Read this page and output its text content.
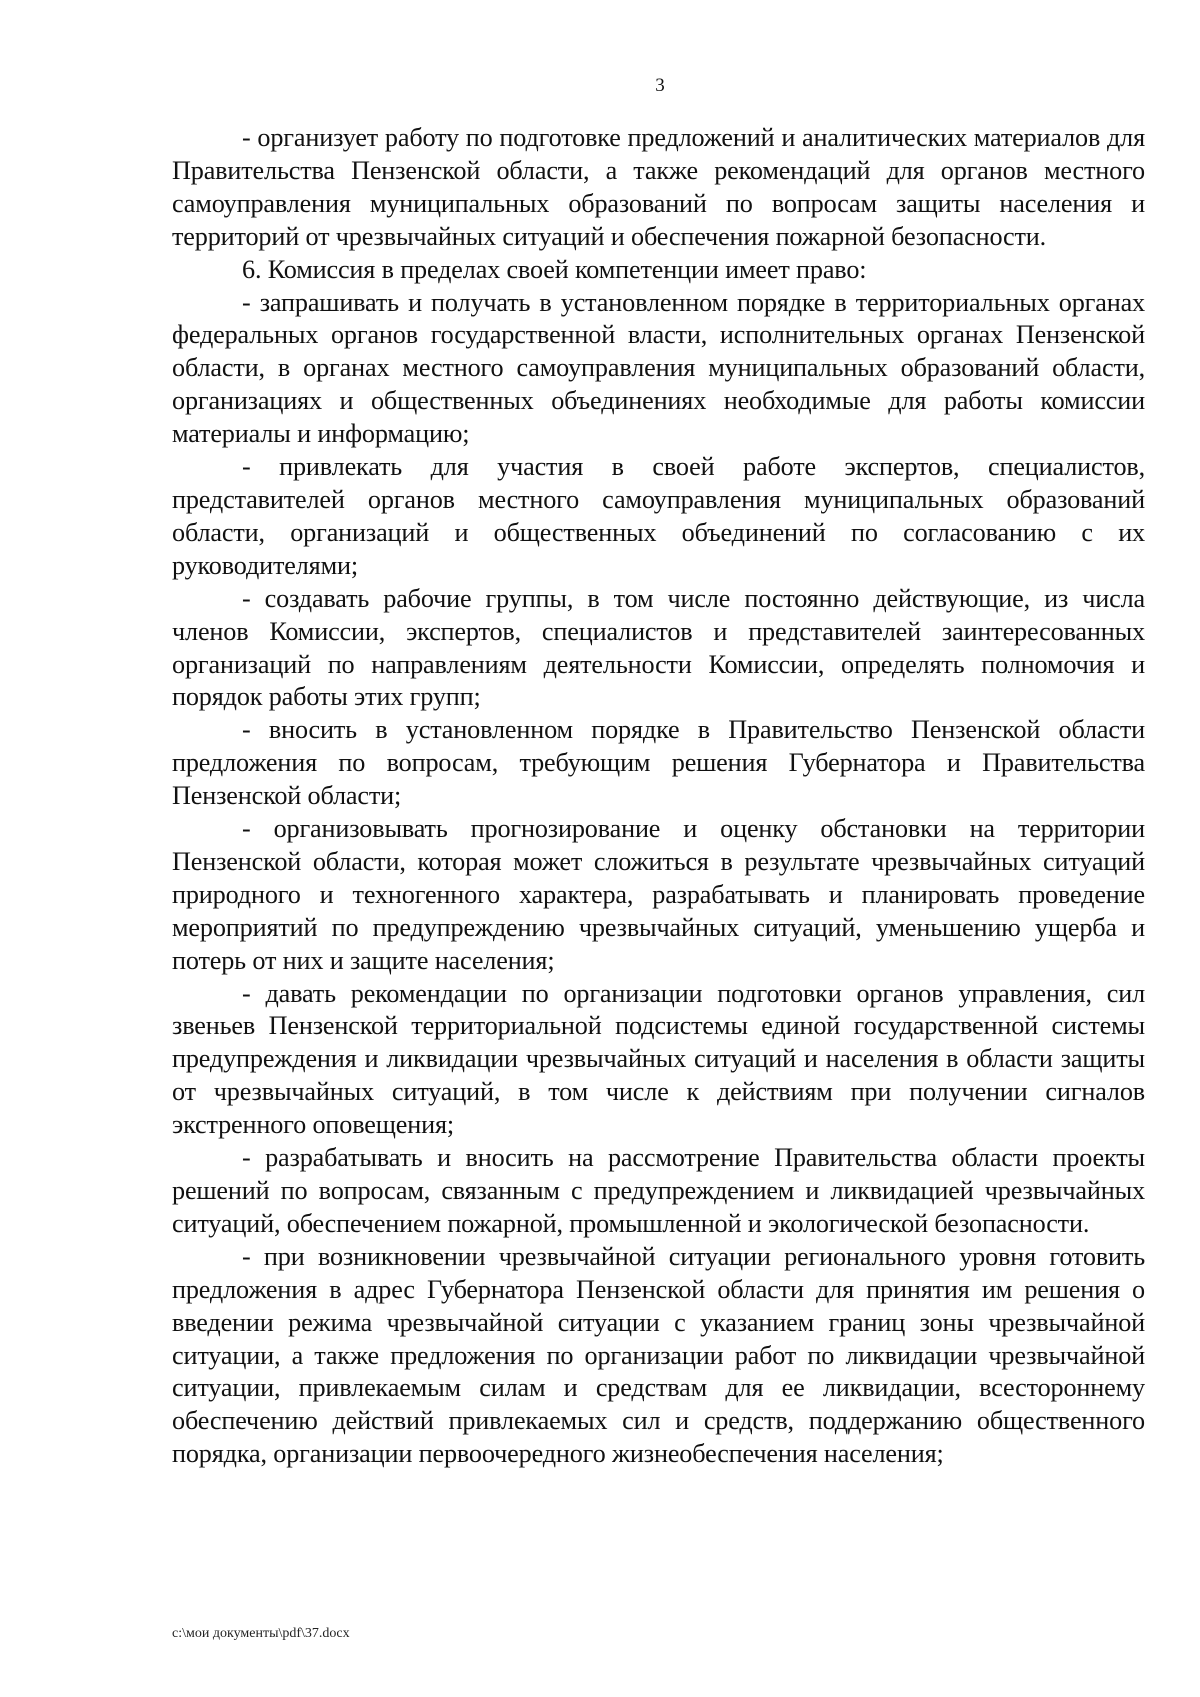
3

- организует работу по подготовке предложений и аналитических материалов для Правительства Пензенской области, а также рекомендаций для органов местного самоуправления муниципальных образований по вопросам защиты населения и территорий от чрезвычайных ситуаций и обеспечения пожарной безопасности.

6. Комиссия в пределах своей компетенции имеет право:

- запрашивать и получать в установленном порядке в территориальных органах федеральных органов государственной власти, исполнительных органах Пензенской области, в органах местного самоуправления муниципальных образований области, организациях и общественных объединениях необходимые для работы комиссии материалы и информацию;

- привлекать для участия в своей работе экспертов, специалистов, представителей органов местного самоуправления муниципальных образований области, организаций и общественных объединений по согласованию с их руководителями;

- создавать рабочие группы, в том числе постоянно действующие, из числа членов Комиссии, экспертов, специалистов и представителей заинтересованных организаций по направлениям деятельности Комиссии, определять полномочия и порядок работы этих групп;

- вносить в установленном порядке в Правительство Пензенской области предложения по вопросам, требующим решения Губернатора и Правительства Пензенской области;

- организовывать прогнозирование и оценку обстановки на территории Пензенской области, которая может сложиться в результате чрезвычайных ситуаций природного и техногенного характера, разрабатывать и планировать проведение мероприятий по предупреждению чрезвычайных ситуаций, уменьшению ущерба и потерь от них и защите населения;

- давать рекомендации по организации подготовки органов управления, сил звеньев Пензенской территориальной подсистемы единой государственной системы предупреждения и ликвидации чрезвычайных ситуаций и населения в области защиты от чрезвычайных ситуаций, в том числе к действиям при получении сигналов экстренного оповещения;

- разрабатывать и вносить на рассмотрение Правительства области проекты решений по вопросам, связанным с предупреждением и ликвидацией чрезвычайных ситуаций, обеспечением пожарной, промышленной и экологической безопасности.

- при возникновении чрезвычайной ситуации регионального уровня готовить предложения в адрес Губернатора Пензенской области для принятия им решения о введении режима чрезвычайной ситуации с указанием границ зоны чрезвычайной ситуации, а также предложения по организации работ по ликвидации чрезвычайной ситуации, привлекаемым силам и средствам для ее ликвидации, всестороннему обеспечению действий привлекаемых сил и средств, поддержанию общественного порядка, организации первоочередного жизнеобеспечения населения;

c:\мои документы\pdf\37.docx
